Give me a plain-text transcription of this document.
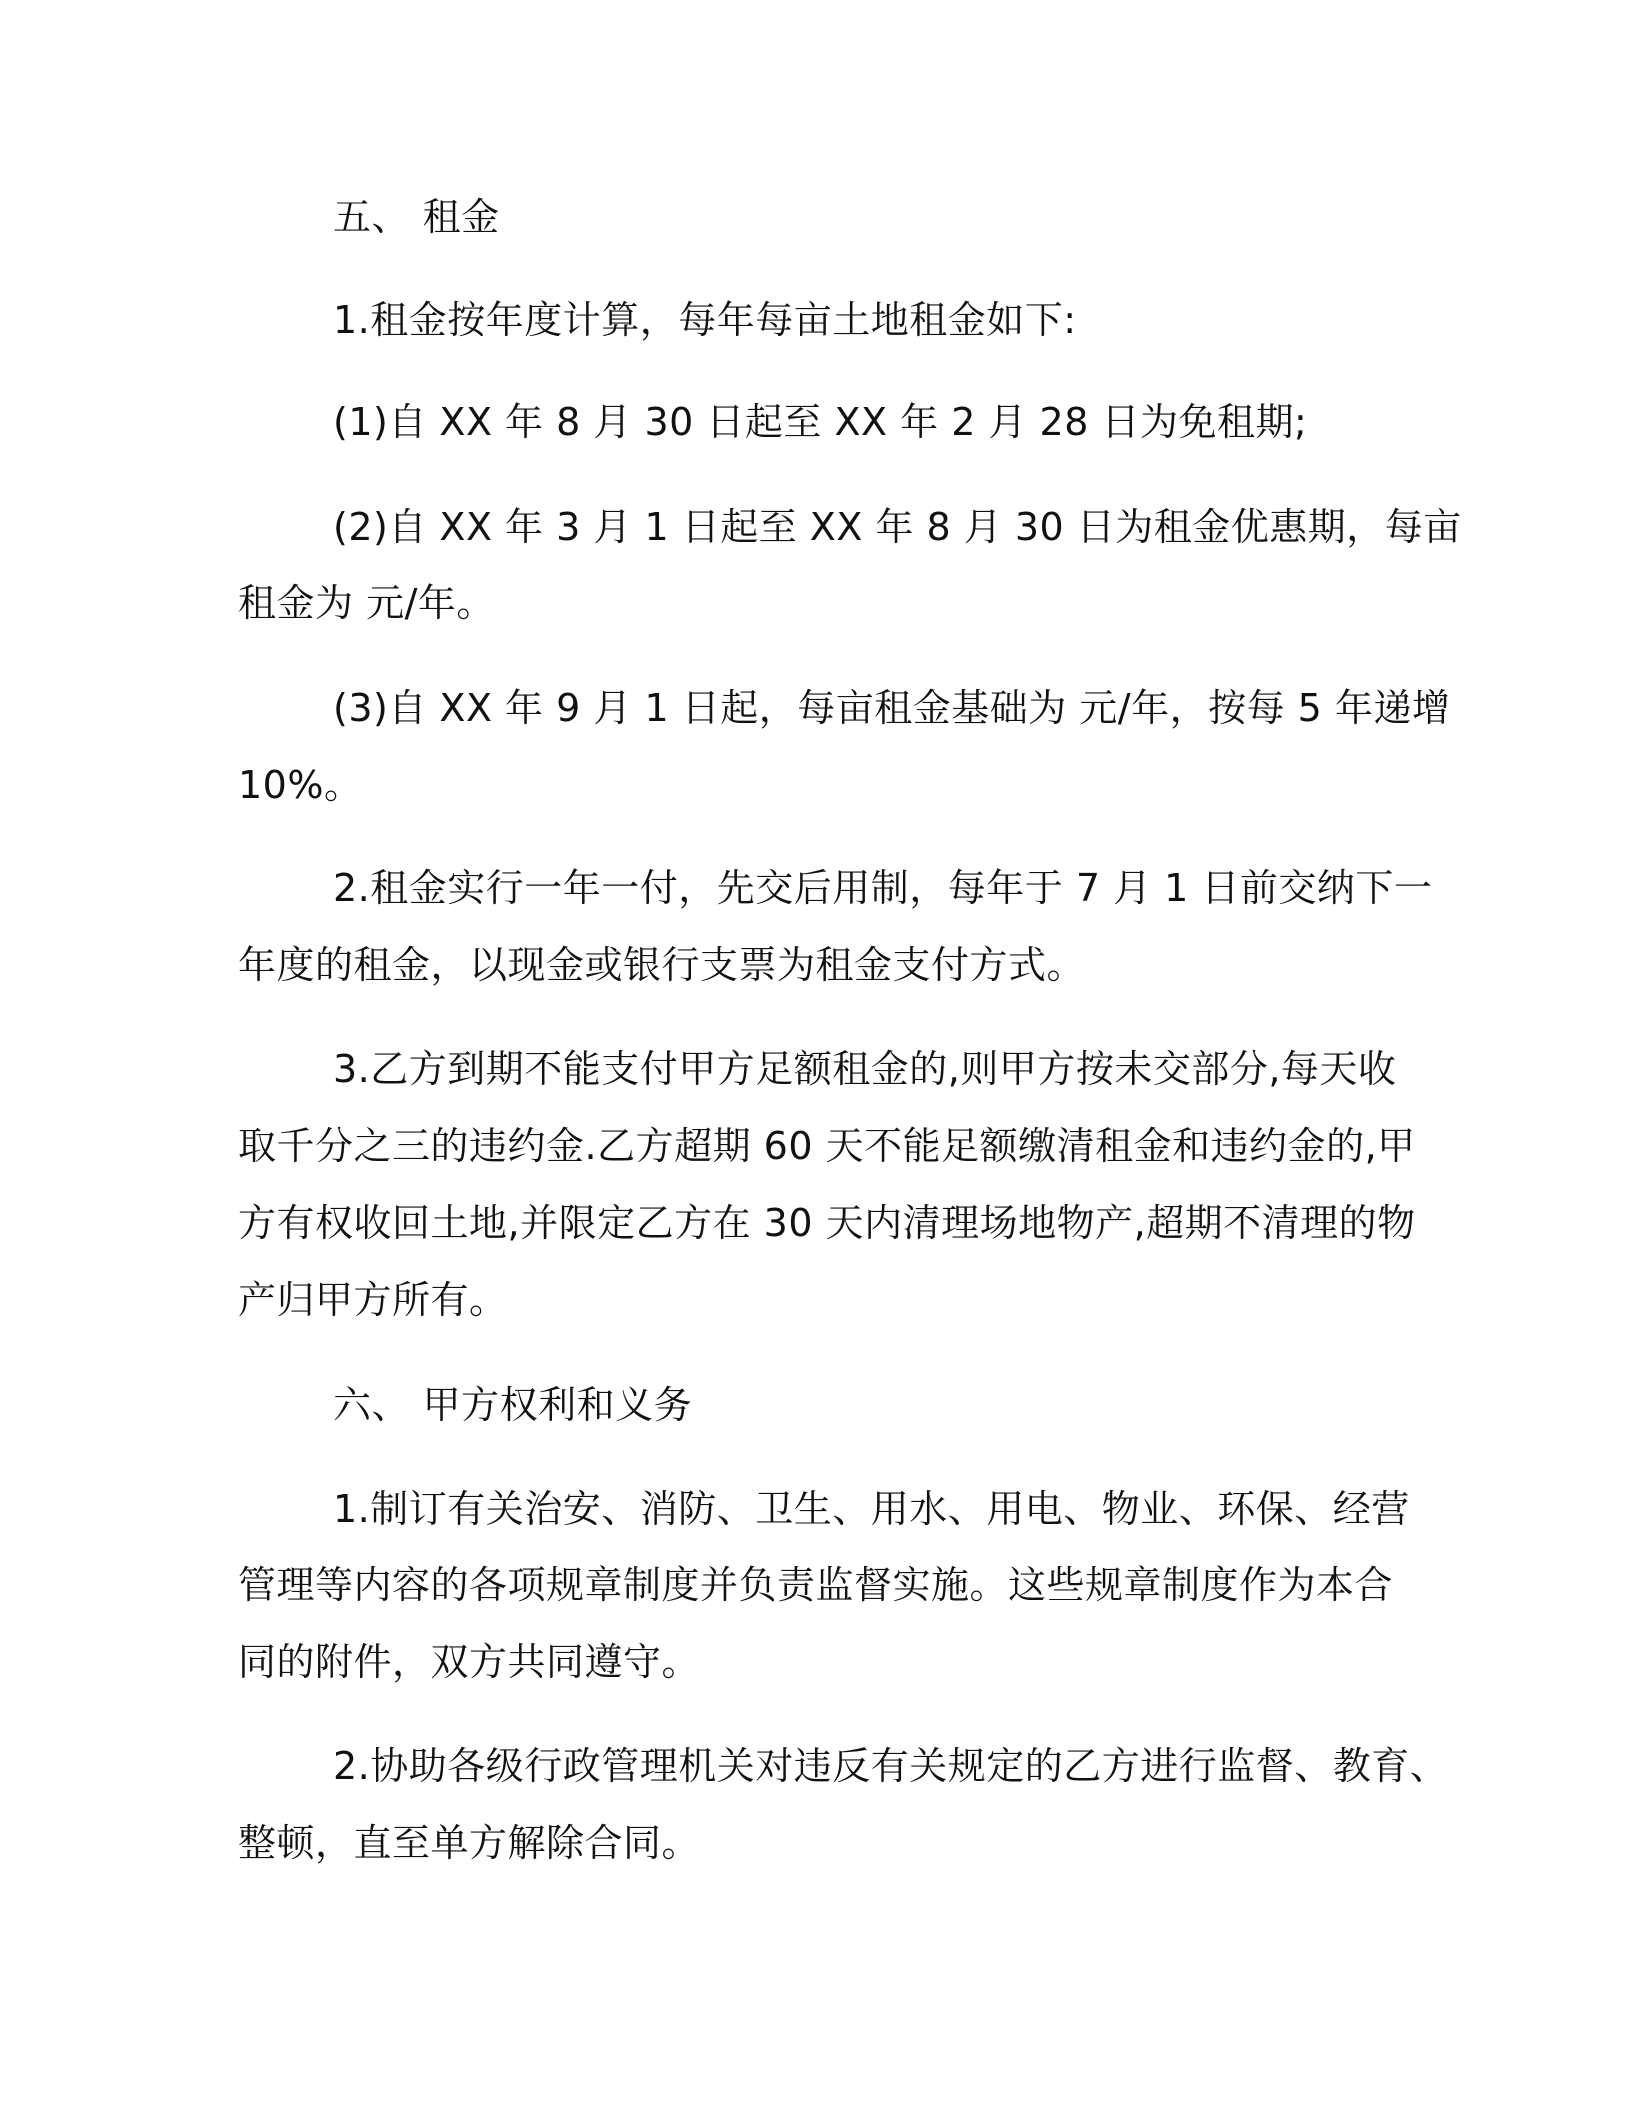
五、 租金
1.租金按年度计算，每年每亩土地租金如下:
(1)自 XX 年 8 月 30 日起至 XX 年 2 月 28 日为免租期;
(2)自 XX 年 3 月 1 日起至 XX 年 8 月 30 日为租金优惠期，每亩
租金为 元/年。
(3)自 XX 年 9 月 1 日起，每亩租金基础为 元/年，按每 5 年递增
10%。
2.租金实行一年一付，先交后用制，每年于 7 月 1 日前交纳下一
年度的租金，以现金或银行支票为租金支付方式。
3.乙方到期不能支付甲方足额租金的,则甲方按未交部分,每天收
取千分之三的违约金.乙方超期 60 天不能足额缴清租金和违约金的,甲
方有权收回土地,并限定乙方在 30 天内清理场地物产,超期不清理的物
产归甲方所有。
六、 甲方权利和义务
1.制订有关治安、消防、卫生、用水、用电、物业、环保、经营
管理等内容的各项规章制度并负责监督实施。这些规章制度作为本合
同的附件，双方共同遵守。
2.协助各级行政管理机关对违反有关规定的乙方进行监督、教育、
整顿，直至单方解除合同。
